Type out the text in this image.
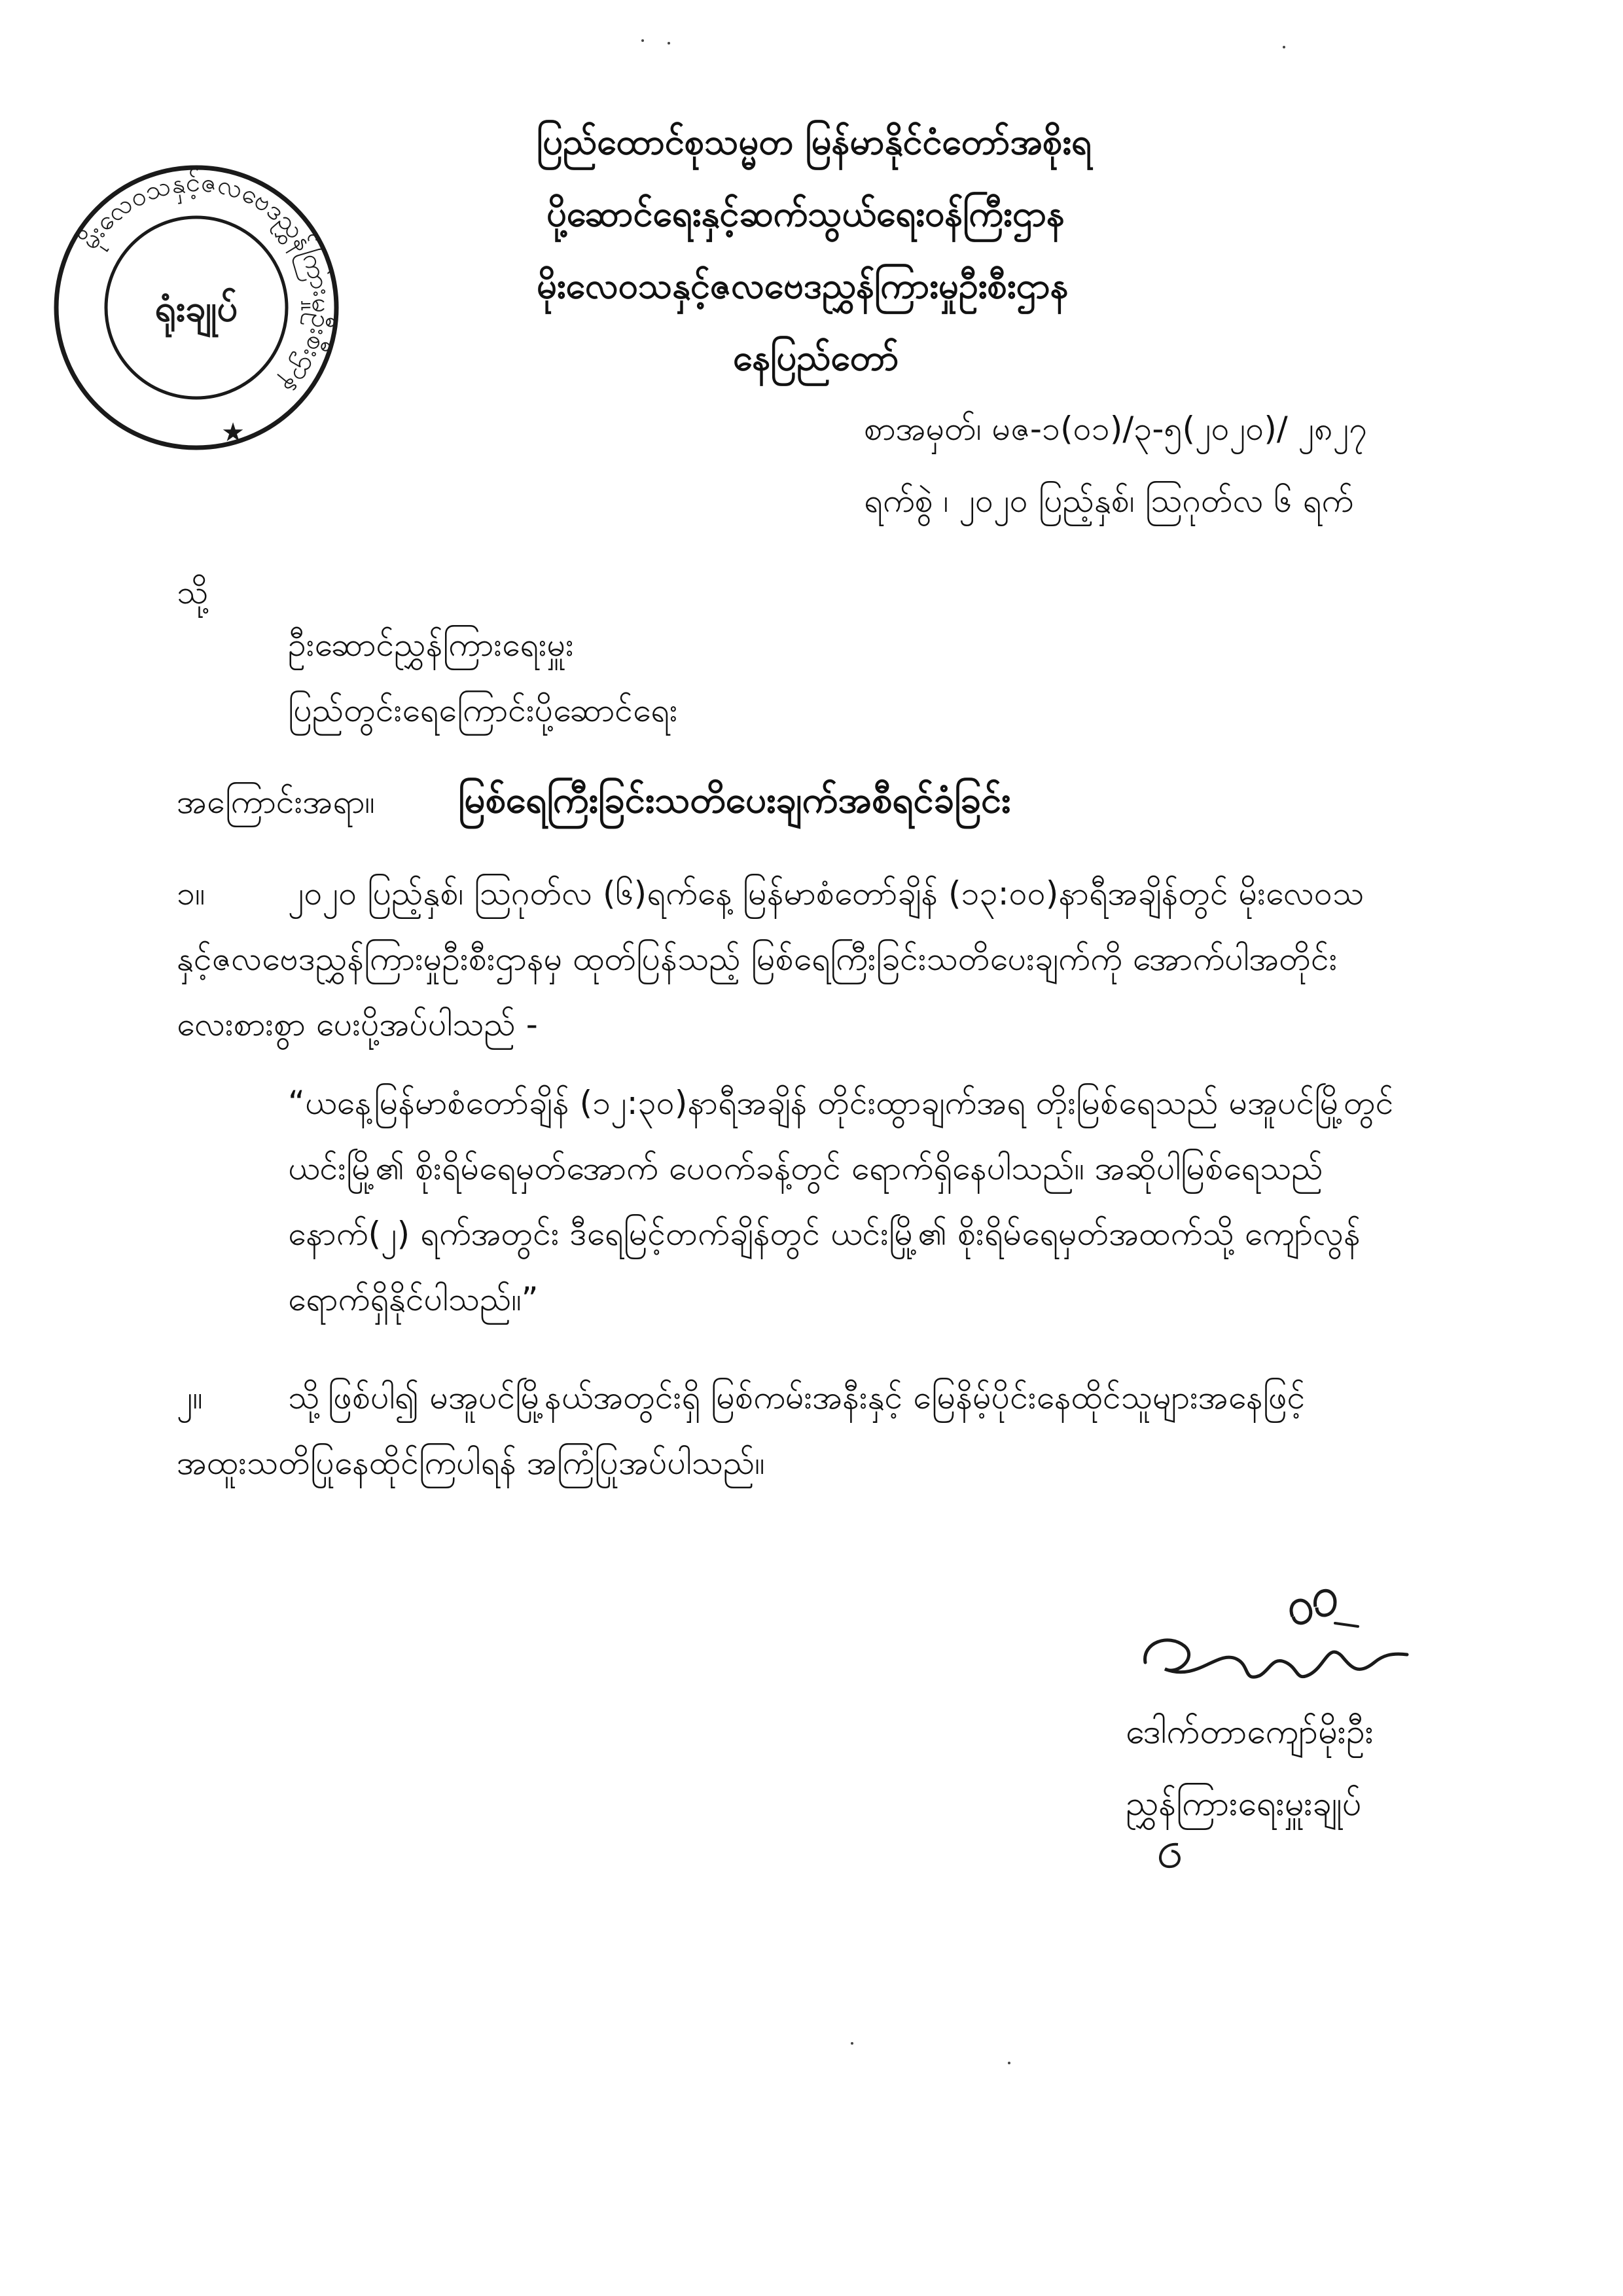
မိုးလေဝသနှင့်ဇလဗေဒညွှန်ကြားမှုဦးစီးဌာန
ရုံးချုပ်
★
ပြည်ထောင်စုသမ္မတ မြန်မာနိုင်ငံတော်အစိုးရ
ပို့ဆောင်ရေးနှင့်ဆက်သွယ်ရေးဝန်ကြီးဌာန
မိုးလေဝသနှင့်ဇလဗေဒညွှန်ကြားမှုဦးစီးဌာန
နေပြည်တော်
စာအမှတ်၊ မဇ-၁(၀၁)/၃-၅(၂၀၂၀)/ ၂၈၂၇
ရက်စွဲ ၊ ၂၀၂၀ ပြည့်နှစ်၊ ဩဂုတ်လ ၆ ရက်
သို့
ဦးဆောင်ညွှန်ကြားရေးမှူး
ပြည်တွင်းရေကြောင်းပို့ဆောင်ရေး
အကြောင်းအရာ။ မြစ်ရေကြီးခြင်းသတိပေးချက်အစီရင်ခံခြင်း
၁။	၂၀၂၀ ပြည့်နှစ်၊ ဩဂုတ်လ (၆)ရက်နေ့ မြန်မာစံတော်ချိန် (၁၃:၀၀)နာရီအချိန်တွင် မိုးလေဝသ
နှင့်ဇလဗေဒညွှန်ကြားမှုဦးစီးဌာနမှ ထုတ်ပြန်သည့် မြစ်ရေကြီးခြင်းသတိပေးချက်ကို အောက်ပါအတိုင်း
လေးစားစွာ ပေးပို့အပ်ပါသည် -
“ယနေ့မြန်မာစံတော်ချိန် (၁၂:၃၀)နာရီအချိန် တိုင်းထွာချက်အရ တိုးမြစ်ရေသည် မအူပင်မြို့တွင်
ယင်းမြို့၏ စိုးရိမ်ရေမှတ်အောက် ပေ၀က်ခန့်တွင် ရောက်ရှိနေပါသည်။ အဆိုပါမြစ်ရေသည်
နောက်(၂) ရက်အတွင်း ဒီရေမြင့်တက်ချိန်တွင် ယင်းမြို့၏ စိုးရိမ်ရေမှတ်အထက်သို့ ကျော်လွန်
ရောက်ရှိနိုင်ပါသည်။”
၂။	သို့ဖြစ်ပါ၍ မအူပင်မြို့နယ်အတွင်းရှိ မြစ်ကမ်းအနီးနှင့် မြေနိမ့်ပိုင်းနေထိုင်သူများအနေဖြင့်
အထူးသတိပြုနေထိုင်ကြပါရန် အကြံပြုအပ်ပါသည်။
ဒေါက်တာကျော်မိုးဦး
ညွှန်ကြားရေးမှူးချုပ်
